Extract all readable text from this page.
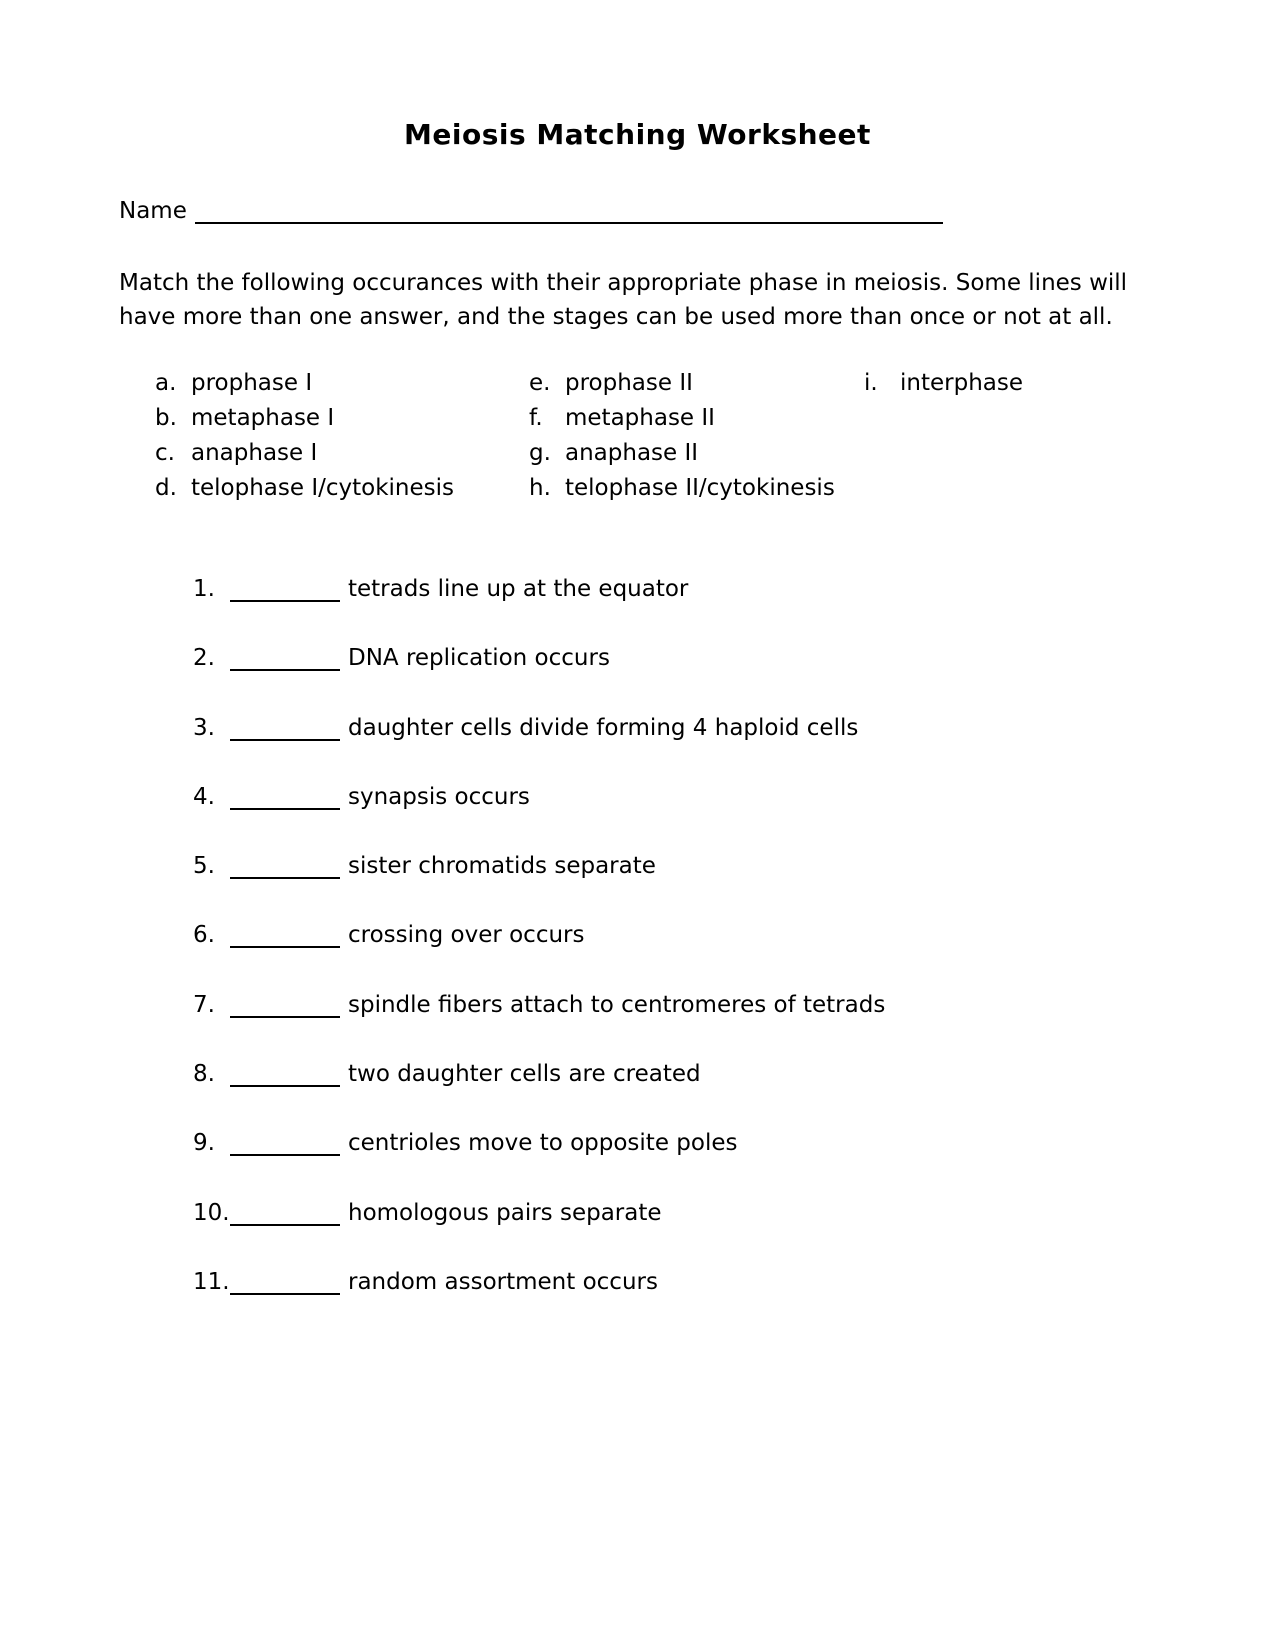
Meiosis Matching Worksheet
Name
Match the following occurances with their appropriate phase in meiosis. Some lines will have more than one answer, and the stages can be used more than once or not at all.
a. prophase I
b. metaphase I
c. anaphase I
d. telophase I/cytokinesis
e. prophase II
f. metaphase II
g. anaphase II
h. telophase II/cytokinesis
i. interphase
1.	tetrads line up at the equator
2.	DNA replication occurs
3.	daughter cells divide forming 4 haploid cells
4.	synapsis occurs
5.	sister chromatids separate
6.	crossing over occurs
7.	spindle fibers attach to centromeres of tetrads
8.	two daughter cells are created
9.	centrioles move to opposite poles
10.	homologous pairs separate
11.	random assortment occurs
